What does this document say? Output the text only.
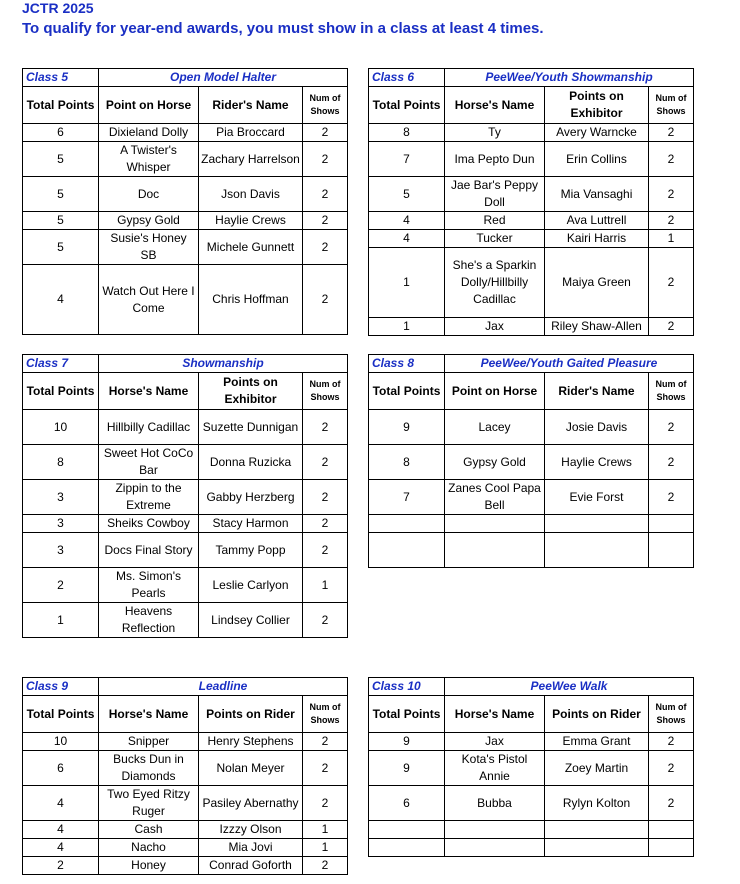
JCTR 2025
To qualify for year-end awards, you must show in a class at least 4 times.
Class 5	Open Model Halter		
Total Points	Point on Horse	Rider's Name	Num of Shows
6	Dixieland Dolly	Pia Broccard	2
5	A Twister's Whisper	Zachary Harrelson	2
5	Doc	Json Davis	2
5	Gypsy Gold	Haylie Crews	2
5	Susie's Honey SB	Michele Gunnett	2
4	Watch Out Here I Come	Chris Hoffman	2
Class 6	PeeWee/Youth Showmanship		
Total Points	Horse's Name	Points on Exhibitor	Num of Shows
8	Ty	Avery Warncke	2
7	Ima Pepto Dun	Erin Collins	2
5	Jae Bar's Peppy Doll	Mia Vansaghi	2
4	Red	Ava Luttrell	2
4	Tucker	Kairi Harris	1
1	She's a Sparkin Dolly/Hillbilly Cadillac	Maiya Green	2
1	Jax	Riley Shaw-Allen	2
Class 7	Showmanship		
Total Points	Horse's Name	Points on Exhibitor	Num of Shows
10	Hillbilly Cadillac	Suzette Dunnigan	2
8	Sweet Hot CoCo Bar	Donna Ruzicka	2
3	Zippin to the Extreme	Gabby Herzberg	2
3	Sheiks Cowboy	Stacy Harmon	2
3	Docs Final Story	Tammy Popp	2
2	Ms. Simon's Pearls	Leslie Carlyon	1
1	Heavens Reflection	Lindsey Collier	2
Class 8	PeeWee/Youth Gaited Pleasure		
Total Points	Point on Horse	Rider's Name	Num of Shows
9	Lacey	Josie Davis	2
8	Gypsy Gold	Haylie Crews	2
7	Zanes Cool Papa Bell	Evie Forst	2

Class 9	Leadline		
Total Points	Horse's Name	Points on Rider	Num of Shows
10	Snipper	Henry Stephens	2
6	Bucks Dun in Diamonds	Nolan Meyer	2
4	Two Eyed Ritzy Ruger	Pasiley Abernathy	2
4	Cash	Izzzy Olson	1
4	Nacho	Mia Jovi	1
2	Honey	Conrad Goforth	2
Class 10	PeeWee Walk		
Total Points	Horse's Name	Points on Rider	Num of Shows
9	Jax	Emma Grant	2
9	Kota's Pistol Annie	Zoey Martin	2
6	Bubba	Rylyn Kolton	2
